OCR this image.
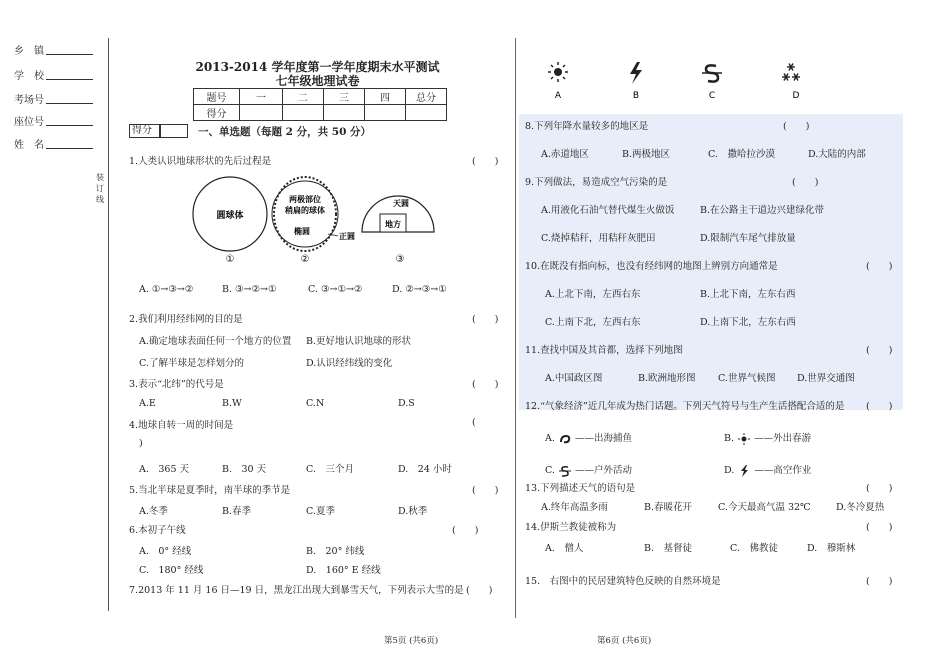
乡　镇
学　校
考场号
座位号
姓　名
装订线
2013-2014 学年度第一学年度期末水平测试
七年级地理试卷
题号	一	二	三	四	总分
得分					
得分	一、单选题（每题 2 分，共 50 分）
1.人类认识地球形状的先后过程是	(　　)
圆球体
两极部位
稍扁的球体
椭圆
正圆
天圆
地方
①	②	③
A. ①→③→②	B. ③→②→①	C. ③→①→②	D. ②→③→①
2.我们利用经纬网的目的是	(　　)
A.确定地球表面任何一个地方的位置 B.更好地认识地球的形状
C.了解半球是怎样划分的	D.认识经纬线的变化
3.表示“北纬”的代号是	(　　)
A.E	B.W	C.N	D.S
4.地球自转一周的时间是	(
)
A.　365 天	B.　30 天	C.　三个月	D.　24 小时
5.当北半球是夏季时，南半球的季节是	(　　)
A.冬季	B.春季	C.夏季	D.秋季
6.本初子午线	(　　)
A.　0° 经线	B.　20° 纬线
C.　180° 经线	D.　160° E 经线
7.2013 年 11 月 16 日—19 日，黑龙江出现大到暴雪天气，下列表示大雪的是 (　　)
A	B	C	D
8.下列年降水量较多的地区是	(　　)
A.赤道地区	B.两极地区	C.　撒哈拉沙漠	D.大陆的内部
9.下列做法，易造成空气污染的是	(　　)
A.用液化石油气替代煤生火做饭	B.在公路主干道边兴建绿化带
C.烧掉秸秆，用秸秆灰肥田	D.限制汽车尾气排放量
10.在既没有指向标，也没有经纬网的地图上辨别方向通常是	(　　)
A.上北下南，左西右东	B.上北下南，左东右西
C.上南下北，左西右东	D.上南下北，左东右西
11.查找中国及其首都，选择下列地图	(　　)
A.中国政区图	B.欧洲地形图 C.世界气候图 D.世界交通图
12.“气象经济”近几年成为热门话题。下列天气符号与生产生活搭配合适的是 (　　)
A. ——出海捕鱼	B. ——外出春游
C. ——户外活动	D. ——高空作业
13.下列描述天气的语句是	(　　)
A.终年高温多雨	B.春暖花开	C.今天最高气温 32℃	D.冬冷夏热
14.伊斯兰教徒被称为	(　　)
A.　僧人	B.　基督徒	C.　佛教徒	D.　穆斯林
15.　右图中的民居建筑特色反映的自然环境是	(　　)
第5页 (共6页)	第6页 (共6页)
